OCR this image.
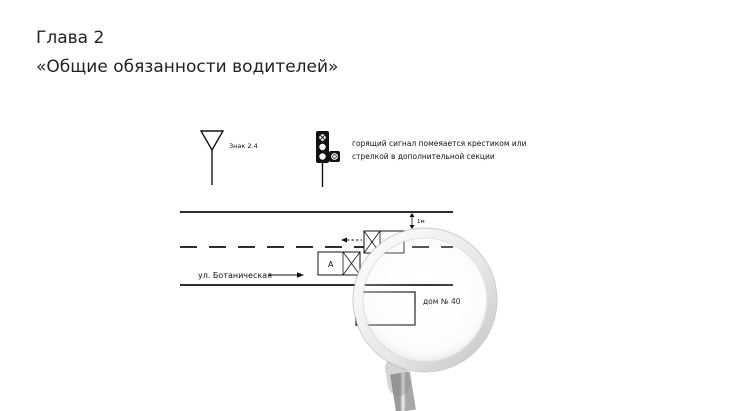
Глава 2
«Общие обязанности водителей»
Знак 2.4	горящий сигнал помеяается крестиком или
стрелкой в дополнительной секции
1м
А
ул. Ботаническая
